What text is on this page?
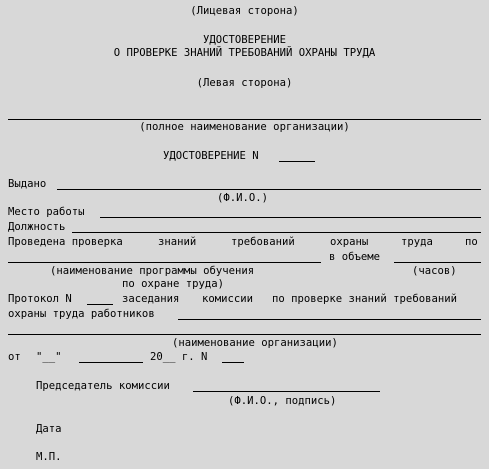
(Лицевая сторона)
УДОСТОВЕРЕНИЕ
О ПРОВЕРКЕ ЗНАНИЙ ТРЕБОВАНИЙ ОХРАНЫ ТРУДА
(Левая сторона)
(полное наименование организации)
УДОСТОВЕРЕНИЕ N
Выдано
(Ф.И.О.)
Место работы
Должность
Проведена проверка	знаний	требований	охраны	труда	по
в объеме
(наименование программы обучения	(часов)
по охране труда)
Протокол N	заседания комиссии по проверке знаний требований
охраны труда работников
(наименование организации)
от "__"	20__ г. N
Председатель комиссии
(Ф.И.О., подпись)
Дата
М.П.
